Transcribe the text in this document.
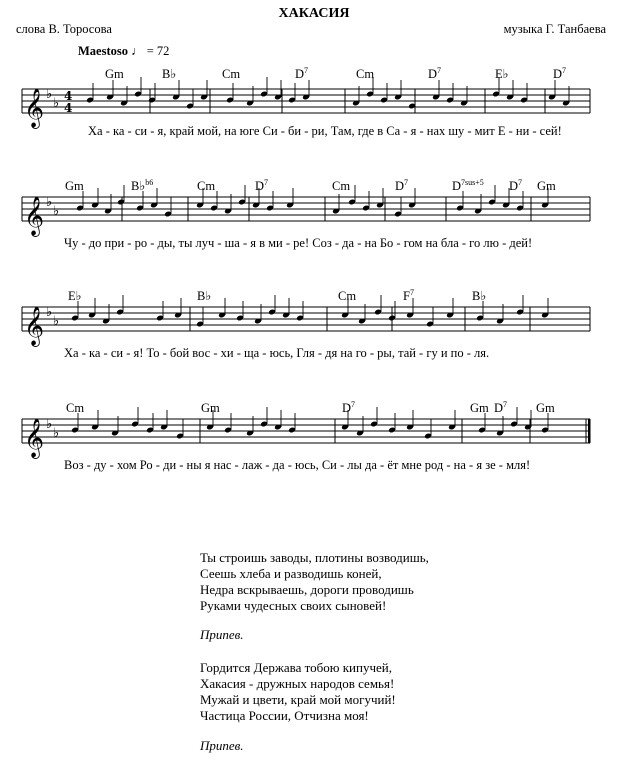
ХАКАСИЯ
слова В. Торосова	музыка Г. Танбаева
Maestoso ♩ = 72
Gm	B♭	Cm	$D^7$	Cm	$D^7$	E♭	$D^7$
Ха - ка - си - я, край мой, на юге Си - би - ри, Там, где в Са - я - нах шу - мит Е - ни - сей!
Gm	B♭$^{b6}$	Cm	$D^7$	Cm	$D^7$	$D^{7sus+5}$ $D^7$ Gm
Чу - до при - ро - ды, ты луч - ша - я в ми - ре! Соз - да - на Бо - гом на бла - го лю - дей!
E♭	B♭	Cm	$F^7$	B♭
Ха - ка - си - я! То - бой вос - хи - ща - юсь, Гля - дя на го - ры, тай - гу и по - ля.
Cm	Gm	$D^7$	Gm $D^7$ Gm
Воз - ду - хом Ро - ди - ны я нас - лаж - да - юсь, Си - лы да - ёт мне род - на - я зе - мля!
𝄞 ♭
♭ 4
4
𝄞 ♭
♭
𝄞 ♭
♭
𝄞 ♭
♭
Ты строишь заводы, плотины возводишь,
Сеешь хлеба и разводишь коней,
Недра вскрываешь, дороги проводишь
Руками чудесных своих сыновей!
Припев.
Гордится Держава тобою кипучей,
Хакасия - дружных народов семья!
Мужай и цвети, край мой могучий!
Частица России, Отчизна моя!
Припев.
